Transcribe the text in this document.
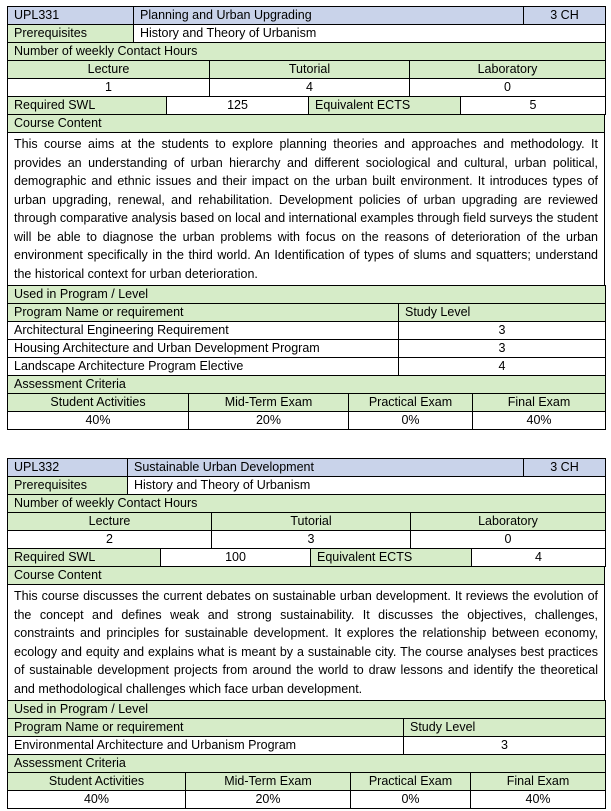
UPL331	Planning and Urban Upgrading	3 CH
Prerequisites	History and Theory of Urbanism
Number of weekly Contact Hours		
Lecture	Tutorial	Laboratory
1	4	0
Required SWL	125	Equivalent ECTS	5
Course Content
This course aims at the students to explore planning theories and approaches and methodology. It provides an understanding of urban hierarchy and different sociological and cultural, urban political, demographic and ethnic issues and their impact on the urban built environment. It introduces types of urban upgrading, renewal, and rehabilitation. Development policies of urban upgrading are reviewed through comparative analysis based on local and international examples through field surveys the student will be able to diagnose the urban problems with focus on the reasons of deterioration of the urban environment specifically in the third world. An Identification of types of slums and squatters; understand the historical context for urban deterioration.
Used in Program / Level	
Program Name or requirement	Study Level
Architectural Engineering Requirement	3
Housing Architecture and Urban Development Program	3
Landscape Architecture Program Elective	4
Assessment Criteria			
Student Activities	Mid-Term Exam	Practical Exam	Final Exam
40%	20%	0%	40%
UPL332	Sustainable Urban Development	3 CH
Prerequisites	History and Theory of Urbanism
Number of weekly Contact Hours		
Lecture	Tutorial	Laboratory
2	3	0
Required SWL	100	Equivalent ECTS	4
Course Content
This course discusses the current debates on sustainable urban development. It reviews the evolution of the concept and defines weak and strong sustainability. It discusses the objectives, challenges, constraints and principles for sustainable development. It explores the relationship between economy, ecology and equity and explains what is meant by a sustainable city. The course analyses best practices of sustainable development projects from around the world to draw lessons and identify the theoretical and methodological challenges which face urban development.
Used in Program / Level	
Program Name or requirement	Study Level
Environmental Architecture and Urbanism Program	3
Assessment Criteria			
Student Activities	Mid-Term Exam	Practical Exam	Final Exam
40%	20%	0%	40%
